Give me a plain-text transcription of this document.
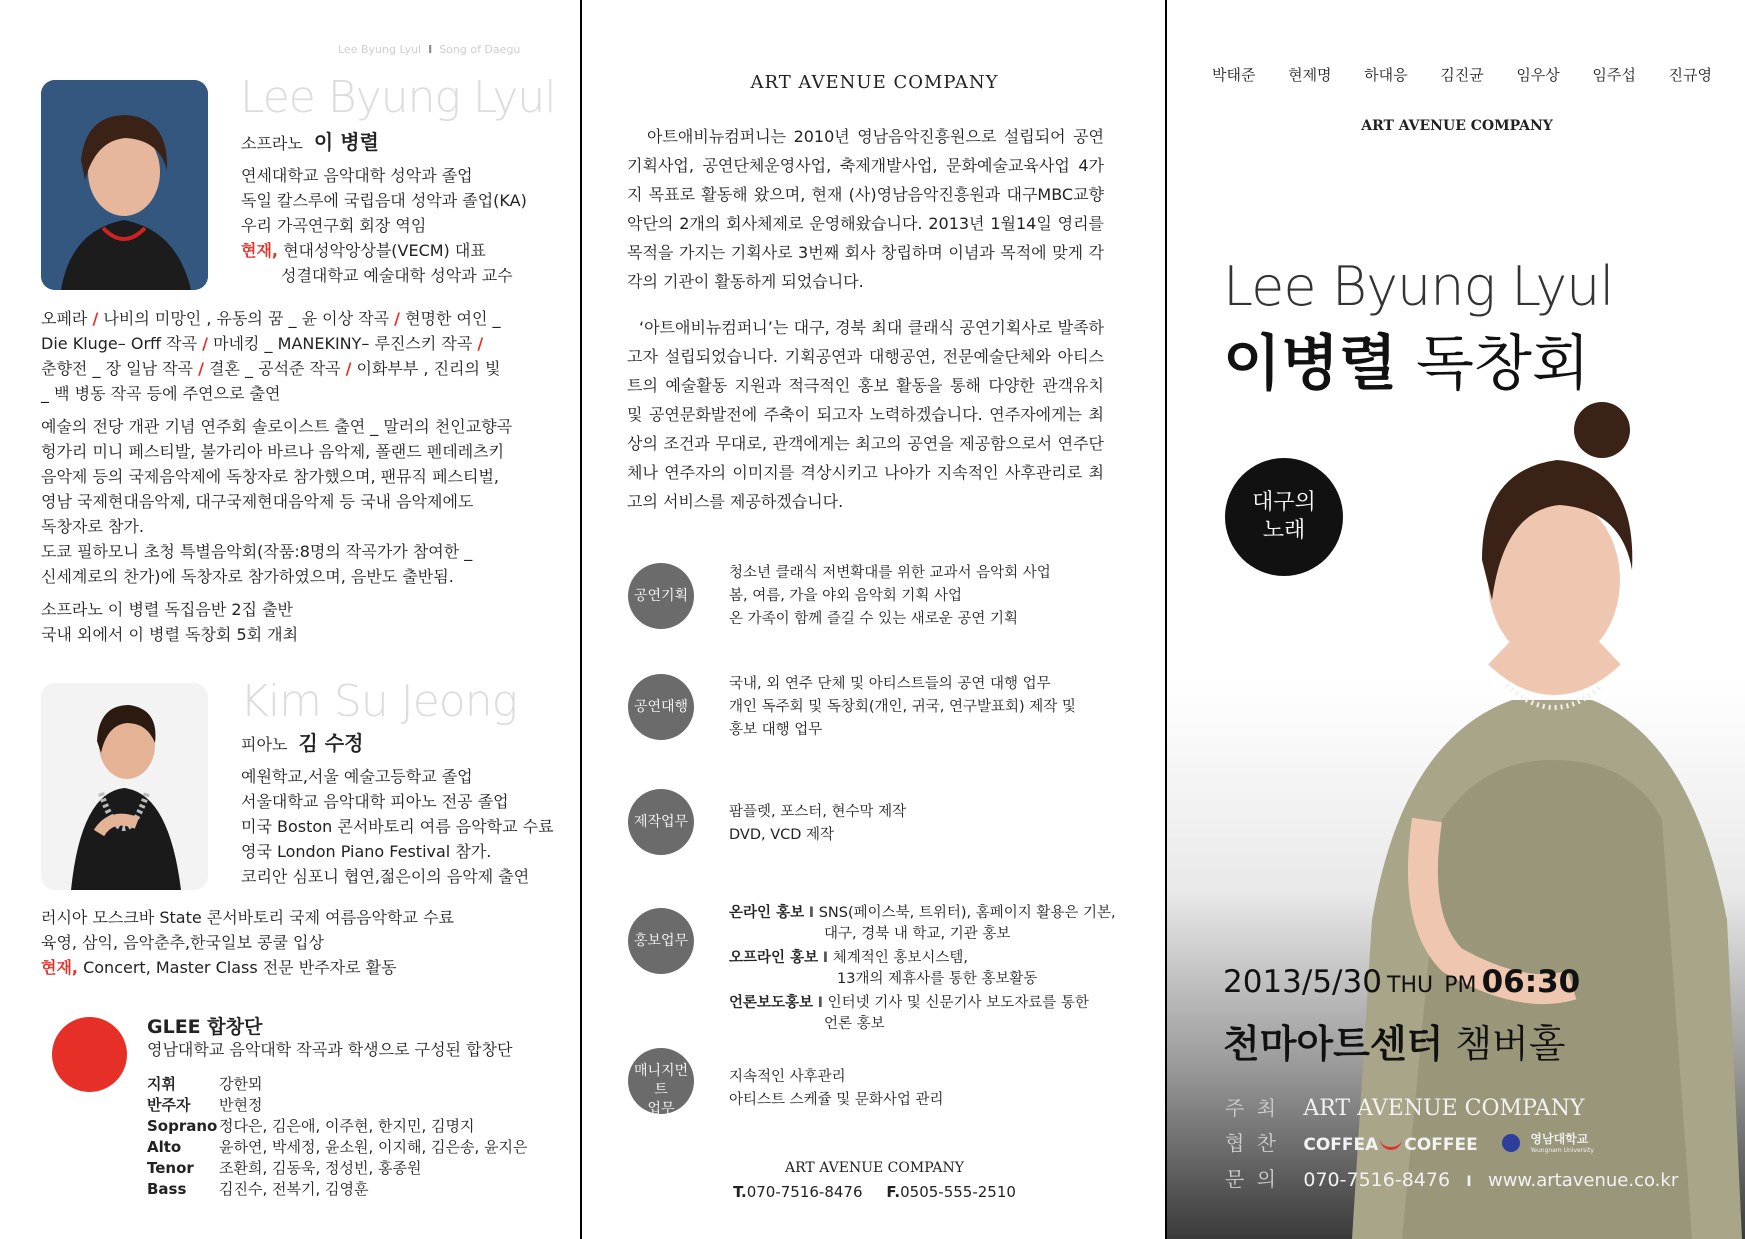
Lee Byung Lyul I Song of Daegu
Lee Byung Lyul
소프라노 이 병렬
연세대학교 음악대학 성악과 졸업
독일 칼스루에 국립음대 성악과 졸업(KA)
우리 가곡연구회 회장 역임
현재, 현대성악앙상블(VECM) 대표
성결대학교 예술대학 성악과 교수
오페라 / 나비의 미망인 , 유동의 꿈 _ 윤 이상 작곡 / 현명한 여인 _
Die Kluge– Orff 작곡 / 마네킹 _ MANEKINY– 루진스키 작곡 /
춘향전 _ 장 일남 작곡 / 결혼 _ 공석준 작곡 / 이화부부 , 진리의 빛
_ 백 병동 작곡 등에 주연으로 출연
예술의 전당 개관 기념 연주회 솔로이스트 출연 _ 말러의 천인교향곡
헝가리 미니 페스티발, 불가리아 바르나 음악제, 폴랜드 펜데레츠키
음악제 등의 국제음악제에 독창자로 참가했으며, 팬뮤직 페스티벌,
영남 국제현대음악제, 대구국제현대음악제 등 국내 음악제에도
독창자로 참가.
도쿄 필하모니 초청 특별음악회(작품:8명의 작곡가가 참여한 _
신세계로의 찬가)에 독창자로 참가하였으며, 음반도 출반됨.
소프라노 이 병렬 독집음반 2집 출반
국내 외에서 이 병렬 독창회 5회 개최
Kim Su Jeong
피아노 김 수정
예원학교,서울 예술고등학교 졸업
서울대학교 음악대학 피아노 전공 졸업
미국 Boston 콘서바토리 여름 음악학교 수료
영국 London Piano Festival 참가.
코리안 심포니 협연,젊은이의 음악제 출연
러시아 모스크바 State 콘서바토리 국제 여름음악학교 수료
육영, 삼익, 음악춘추,한국일보 콩쿨 입상
현재, Concert, Master Class 전문 반주자로 활동
GLEE 합창단
영남대학교 음악대학 작곡과 학생으로 구성된 합창단
지휘	강한뫼
반주자 반현정
Soprano 정다은, 김은애, 이주현, 한지민, 김명지
Alto	윤하연, 박세정, 윤소원, 이지해, 김은송, 윤지은
Tenor 조환희, 김동욱, 정성빈, 홍종원
Bass 김진수, 전복기, 김영훈
ART AVENUE COMPANY
아트애비뉴컴퍼니는 2010년 영남음악진흥원으로 설립되어 공연기획사업, 공연단체운영사업, 축제개발사업, 문화예술교육사업 4가지 목표로 활동해 왔으며, 현재 (사)영남음악진흥원과 대구MBC교향악단의 2개의 회사체제로 운영해왔습니다. 2013년 1월14일 영리를 목적을 가지는 기획사로 3번째 회사 창립하며 이념과 목적에 맞게 각각의 기관이 활동하게 되었습니다.
‘아트애비뉴컴퍼니’는 대구, 경북 최대 클래식 공연기획사로 발족하고자 설립되었습니다. 기획공연과 대행공연, 전문예술단체와 아티스트의 예술활동 지원과 적극적인 홍보 활동을 통해 다양한 관객유치 및 공연문화발전에 주축이 되고자 노력하겠습니다. 연주자에게는 최상의 조건과 무대로, 관객에게는 최고의 공연을 제공함으로서 연주단체나 연주자의 이미지를 격상시키고 나아가 지속적인 사후관리로 최고의 서비스를 제공하겠습니다.
공연기획
청소년 클래식 저변확대를 위한 교과서 음악회 사업
봄, 여름, 가을 야외 음악회 기획 사업
온 가족이 함께 즐길 수 있는 새로운 공연 기획
공연대행
국내, 외 연주 단체 및 아티스트들의 공연 대행 업무
개인 독주회 및 독창회(개인, 귀국, 연구발표회) 제작 및
홍보 대행 업무
제작업무
팜플렛, 포스터, 현수막 제작
DVD, VCD 제작
홍보업무
온라인 홍보 I SNS(페이스북, 트위터), 홈페이지 활용은 기본,
대구, 경북 내 학교, 기관 홍보
오프라인 홍보 I 체계적인 홍보시스템,
13개의 제휴사를 통한 홍보활동
언론보도홍보 I 인터넷 기사 및 신문기사 보도자료를 통한
언론 홍보
매니지먼트
업무
지속적인 사후관리
아티스트 스케쥴 및 문화사업 관리
ART AVENUE COMPANY
T.070-7516-8476 F.0505-555-2510
박태준 현제명 하대응 김진균 임우상 임주섭 진규영
ART AVENUE COMPANY
Lee Byung Lyul
이병렬 독창회
대구의
노래
2013/5/30 THU PM 06:30
천마아트센터 챔버홀
주 최 ART AVENUE COMPANY
협 찬 COFFEA COFFEE	영남대학교
Yeungnam University
문 의 070-7516-8476 I www.artavenue.co.kr
